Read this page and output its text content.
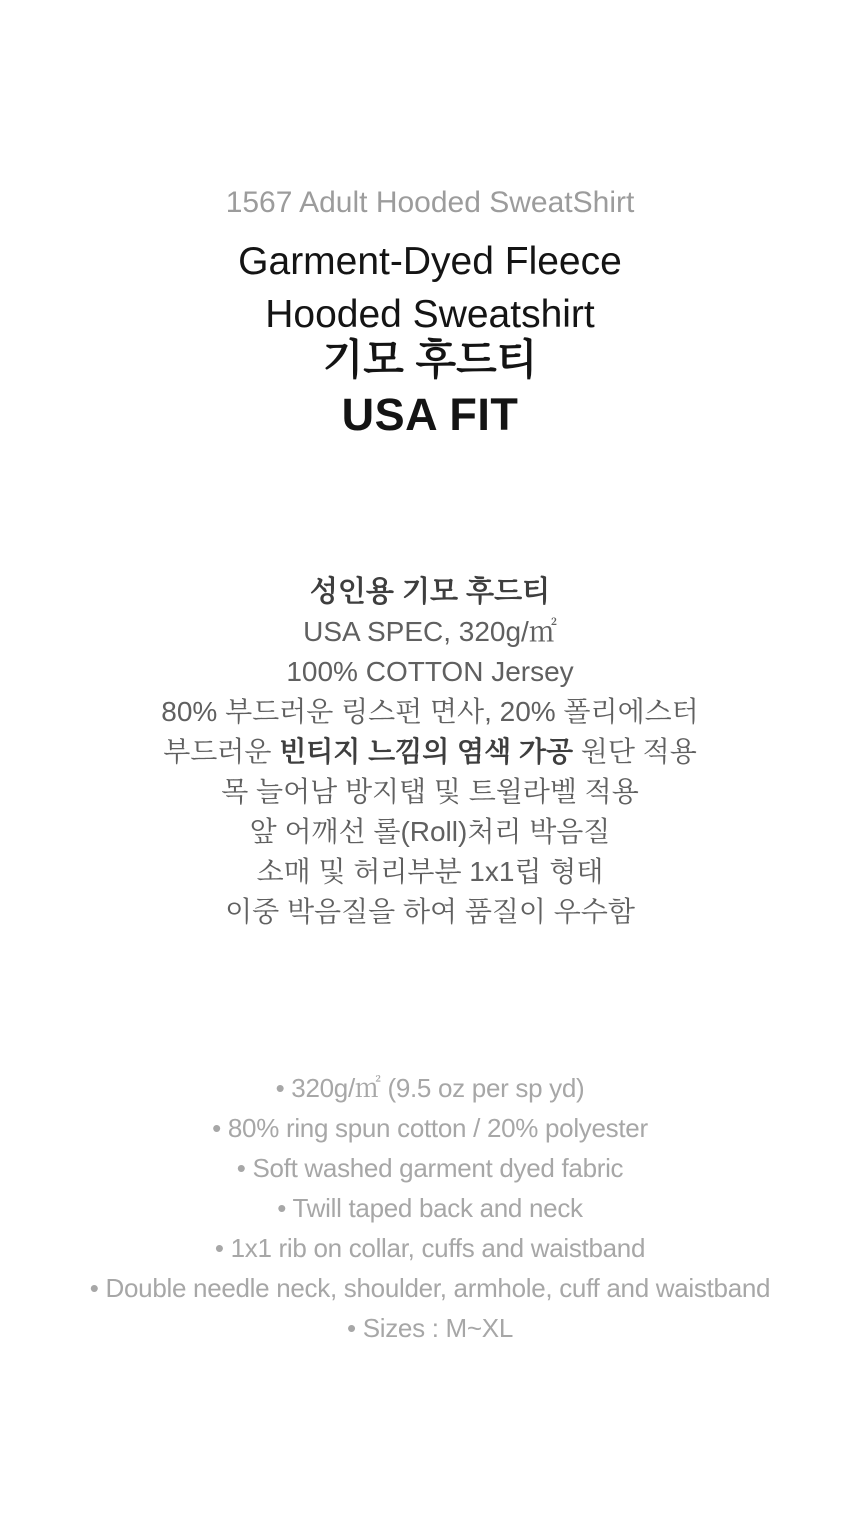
1567 Adult Hooded SweatShirt
Garment-Dyed Fleece
Hooded Sweatshirt
기모 후드티
USA FIT
성인용 기모 후드티
USA SPEC, 320g/㎡
100% COTTON Jersey
80% 부드러운 링스펀 면사, 20% 폴리에스터
부드러운 빈티지 느낌의 염색 가공 원단 적용
목 늘어남 방지탭 및 트윌라벨 적용
앞 어깨선 롤(Roll)처리 박음질
소매 및 허리부분 1x1립 형태
이중 박음질을 하여 품질이 우수함
• 320g/㎡ (9.5 oz per sp yd)
• 80% ring spun cotton / 20% polyester
• Soft washed garment dyed fabric
• Twill taped back and neck
• 1x1 rib on collar, cuffs and waistband
• Double needle neck, shoulder, armhole, cuff and waistband
• Sizes : M~XL
